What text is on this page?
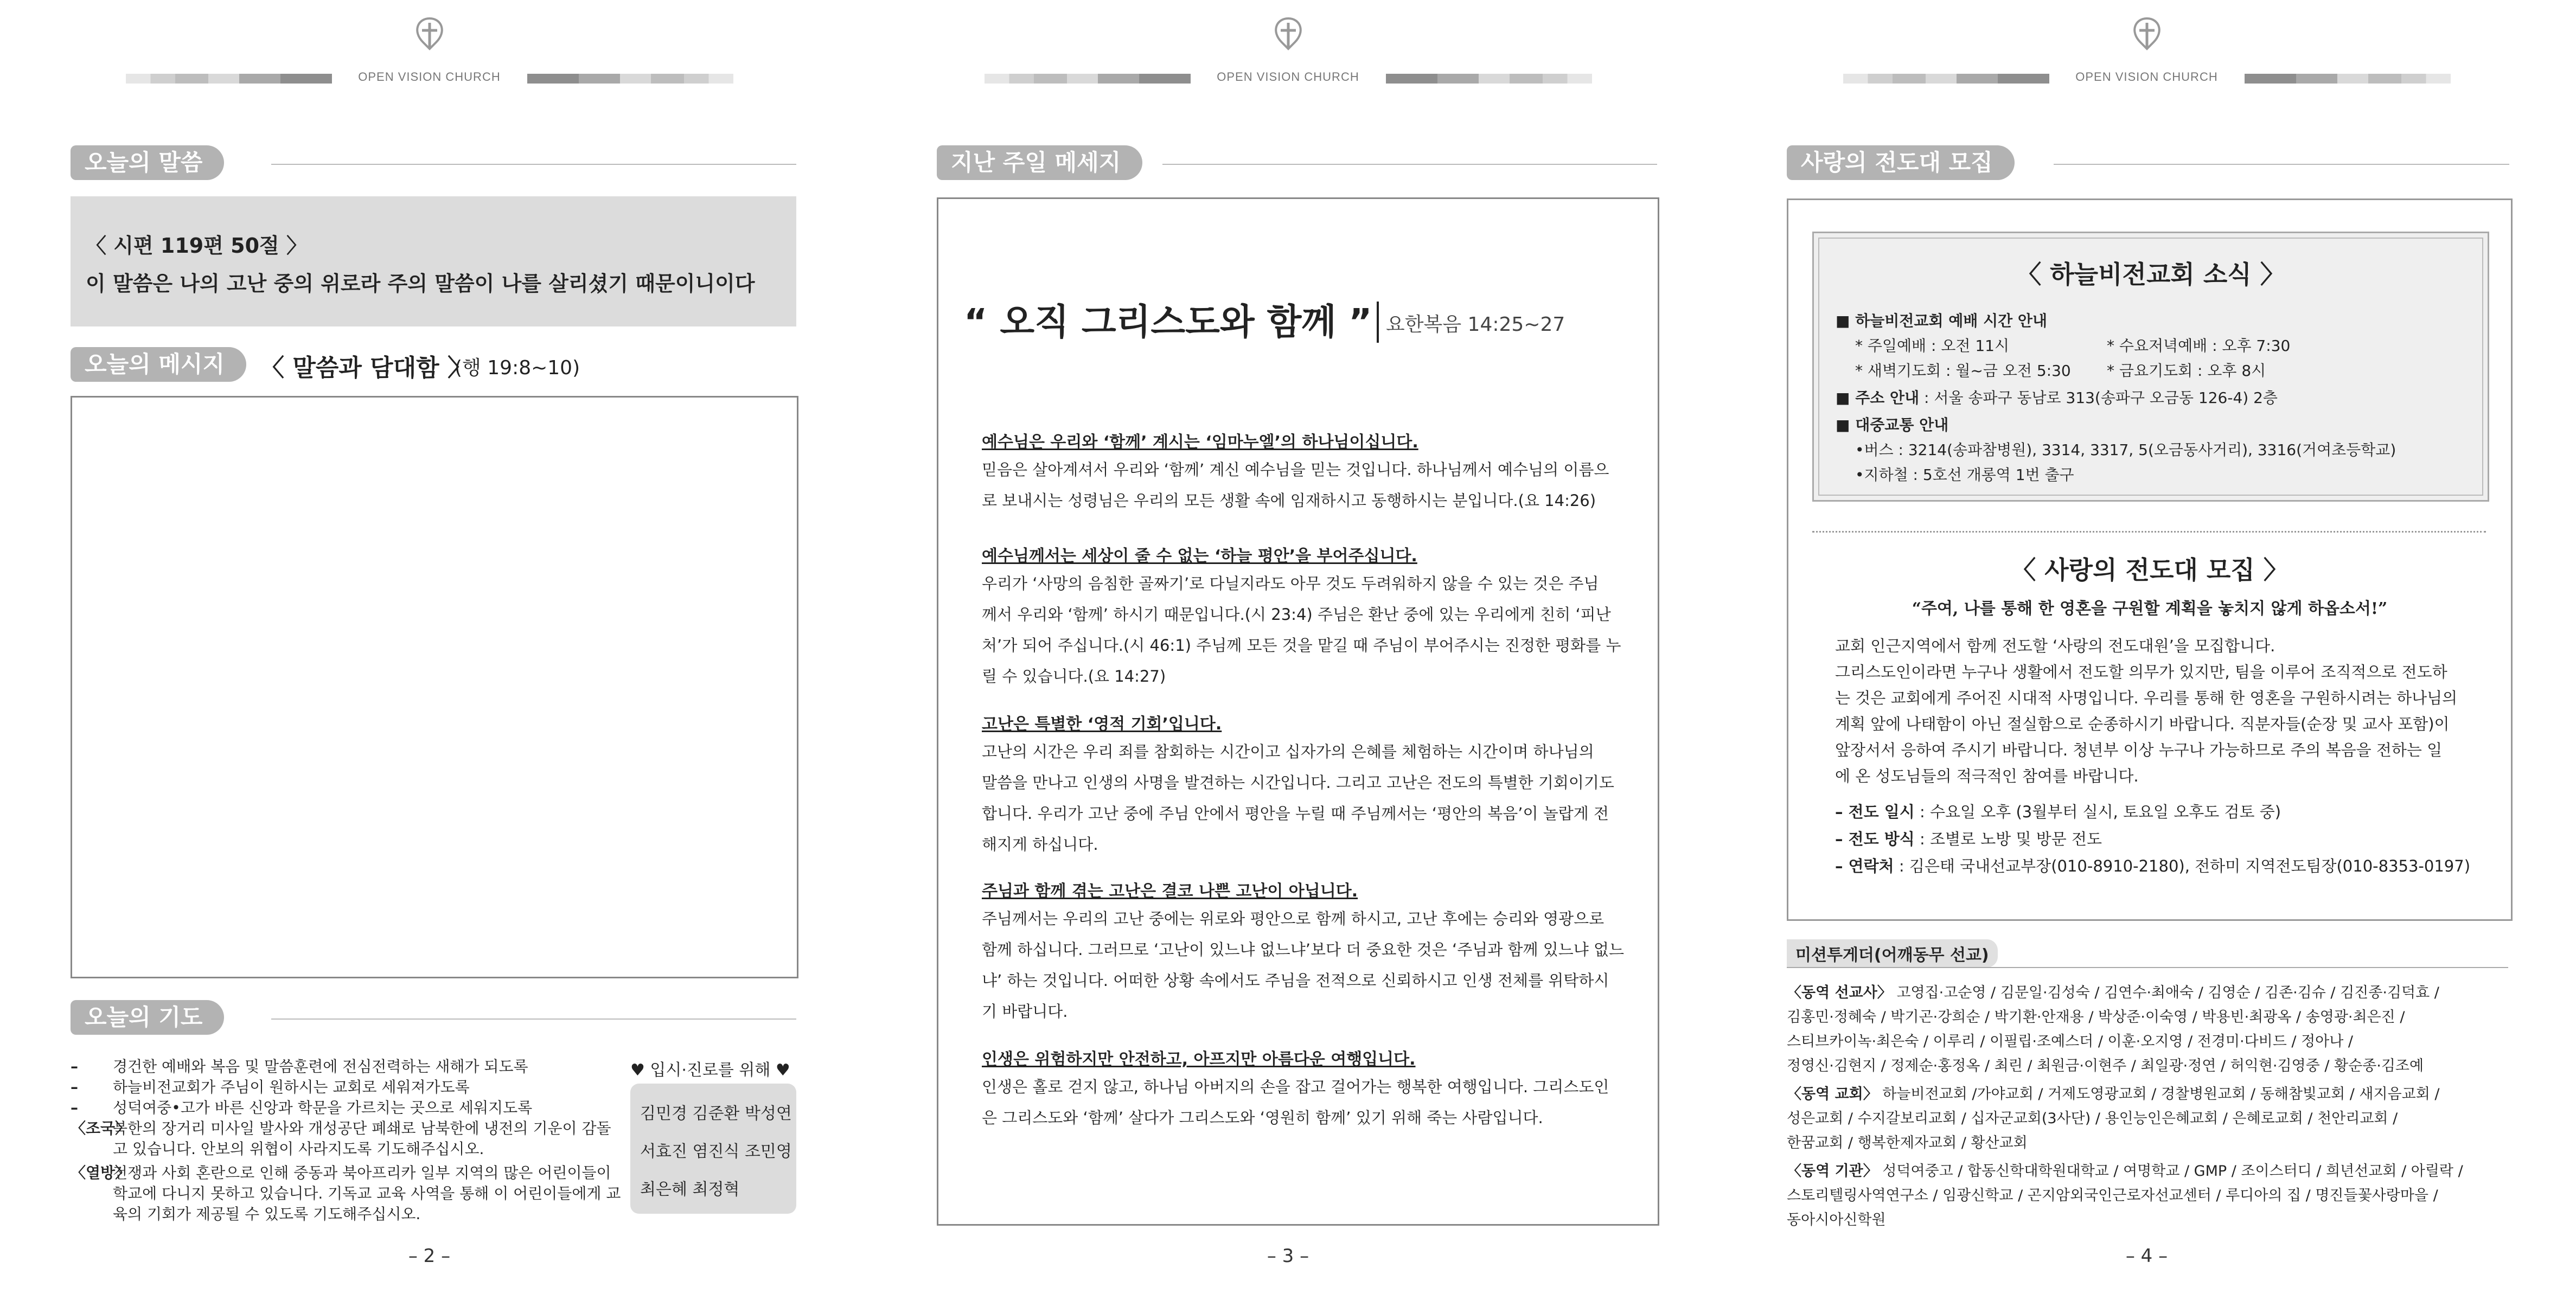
OPEN VISION CHURCH
오늘의 말씀
〈 시편 119편 50절 〉
이 말씀은 나의 고난 중의 위로라 주의 말씀이 나를 살리셨기 때문이니이다
오늘의 메시지	〈 말씀과 담대함 〉
(행 19:8~10)
오늘의 기도
– 경건한 예배와 복음 및 말씀훈련에 전심전력하는 새해가 되도록
– 하늘비전교회가 주님이 원하시는 교회로 세워져가도록
– 성덕여중•고가 바른 신앙과 학문을 가르치는 곳으로 세워지도록
〈조국〉북한의 장거리 미사일 발사와 개성공단 폐쇄로 남북한에 냉전의 기운이 감돌
고 있습니다. 안보의 위협이 사라지도록 기도해주십시오.
〈열방〉전쟁과 사회 혼란으로 인해 중동과 북아프리카 일부 지역의 많은 어린이들이
학교에 다니지 못하고 있습니다. 기독교 교육 사역을 통해 이 어린이들에게 교
육의 기회가 제공될 수 있도록 기도해주십시오.
♥ 입시·진로를 위해 ♥
김민경 김준환 박성연
서효진 염진식 조민영
최은혜 최정혁
– 2 –
OPEN VISION CHURCH
지난 주일 메세지
“ 오직 그리스도와 함께 ” 요한복음 14:25~27
예수님은 우리와 ‘함께’ 계시는 ‘임마누엘’의 하나님이십니다.
믿음은 살아계셔서 우리와 ‘함께’ 계신 예수님을 믿는 것입니다. 하나님께서 예수님의 이름으
로 보내시는 성령님은 우리의 모든 생활 속에 임재하시고 동행하시는 분입니다.(요 14:26)
예수님께서는 세상이 줄 수 없는 ‘하늘 평안’을 부어주십니다.
우리가 ‘사망의 음침한 골짜기’로 다닐지라도 아무 것도 두려워하지 않을 수 있는 것은 주님
께서 우리와 ‘함께’ 하시기 때문입니다.(시 23:4) 주님은 환난 중에 있는 우리에게 친히 ‘피난
처’가 되어 주십니다.(시 46:1) 주님께 모든 것을 맡길 때 주님이 부어주시는 진정한 평화를 누
릴 수 있습니다.(요 14:27)
고난은 특별한 ‘영적 기회’입니다.
고난의 시간은 우리 죄를 참회하는 시간이고 십자가의 은혜를 체험하는 시간이며 하나님의
말씀을 만나고 인생의 사명을 발견하는 시간입니다. 그리고 고난은 전도의 특별한 기회이기도
합니다. 우리가 고난 중에 주님 안에서 평안을 누릴 때 주님께서는 ‘평안의 복음’이 놀랍게 전
해지게 하십니다.
주님과 함께 겪는 고난은 결코 나쁜 고난이 아닙니다.
주님께서는 우리의 고난 중에는 위로와 평안으로 함께 하시고, 고난 후에는 승리와 영광으로
함께 하십니다. 그러므로 ‘고난이 있느냐 없느냐’보다 더 중요한 것은 ‘주님과 함께 있느냐 없느
냐’ 하는 것입니다. 어떠한 상황 속에서도 주님을 전적으로 신뢰하시고 인생 전체를 위탁하시
기 바랍니다.
인생은 위험하지만 안전하고, 아프지만 아름다운 여행입니다.
인생은 홀로 걷지 않고, 하나님 아버지의 손을 잡고 걸어가는 행복한 여행입니다. 그리스도인
은 그리스도와 ‘함께’ 살다가 그리스도와 ‘영원히 함께’ 있기 위해 죽는 사람입니다.
– 3 –
OPEN VISION CHURCH
사랑의 전도대 모집
〈 하늘비전교회 소식 〉
■ 하늘비전교회 예배 시간 안내
* 주일예배 : 오전 11시	* 수요저녁예배 : 오후 7:30
* 새벽기도회 : 월~금 오전 5:30 * 금요기도회 : 오후 8시
■ 주소 안내 : 서울 송파구 동남로 313(송파구 오금동 126-4) 2층
■ 대중교통 안내
•버스 : 3214(송파참병원), 3314, 3317, 5(오금동사거리), 3316(거여초등학교)
•지하철 : 5호선 개롱역 1번 출구
〈 사랑의 전도대 모집 〉
“주여, 나를 통해 한 영혼을 구원할 계획을 놓치지 않게 하옵소서!”
교회 인근지역에서 함께 전도할 ‘사랑의 전도대원’을 모집합니다.
그리스도인이라면 누구나 생활에서 전도할 의무가 있지만, 팀을 이루어 조직적으로 전도하
는 것은 교회에게 주어진 시대적 사명입니다. 우리를 통해 한 영혼을 구원하시려는 하나님의
계획 앞에 나태함이 아닌 절실함으로 순종하시기 바랍니다. 직분자들(순장 및 교사 포함)이
앞장서서 응하여 주시기 바랍니다. 청년부 이상 누구나 가능하므로 주의 복음을 전하는 일
에 온 성도님들의 적극적인 참여를 바랍니다.
– 전도 일시 : 수요일 오후 (3월부터 실시, 토요일 오후도 검토 중)
– 전도 방식 : 조별로 노방 및 방문 전도
– 연락처 : 김은태 국내선교부장(010-8910-2180), 전하미 지역전도팀장(010-8353-0197)
미션투게더(어깨동무 선교)
〈동역 선교사〉 고영집·고순영 / 김문일·김성숙 / 김연수·최애숙 / 김영순 / 김존·김슈 / 김진종·김덕효 /
김홍민·정혜숙 / 박기곤·강희순 / 박기환·안재용 / 박상준·이숙영 / 박용빈·최광옥 / 송영광·최은진 /
스티브카이녹·최은숙 / 이루리 / 이필립·조예스더 / 이훈·오지영 / 전경미·다비드 / 정아나 /
정영신·김현지 / 정제순·홍정옥 / 최린 / 최원금·이현주 / 최일광·정연 / 허익현·김영중 / 황순종·김조예
〈동역 교회〉 하늘비전교회 /가야교회 / 거제도영광교회 / 경찰병원교회 / 동해참빛교회 / 새지음교회 /
성은교회 / 수지갈보리교회 / 십자군교회(3사단) / 용인능인은혜교회 / 은혜로교회 / 천안리교회 /
한꿈교회 / 행복한제자교회 / 황산교회
〈동역 기관〉 성덕여중고 / 합동신학대학원대학교 / 여명학교 / GMP / 조이스터디 / 희년선교회 / 아릴락 /
스토리텔링사역연구소 / 임광신학교 / 곤지암외국인근로자선교센터 / 루디아의 집 / 명진들꽃사랑마을 /
동아시아신학원
– 4 –
